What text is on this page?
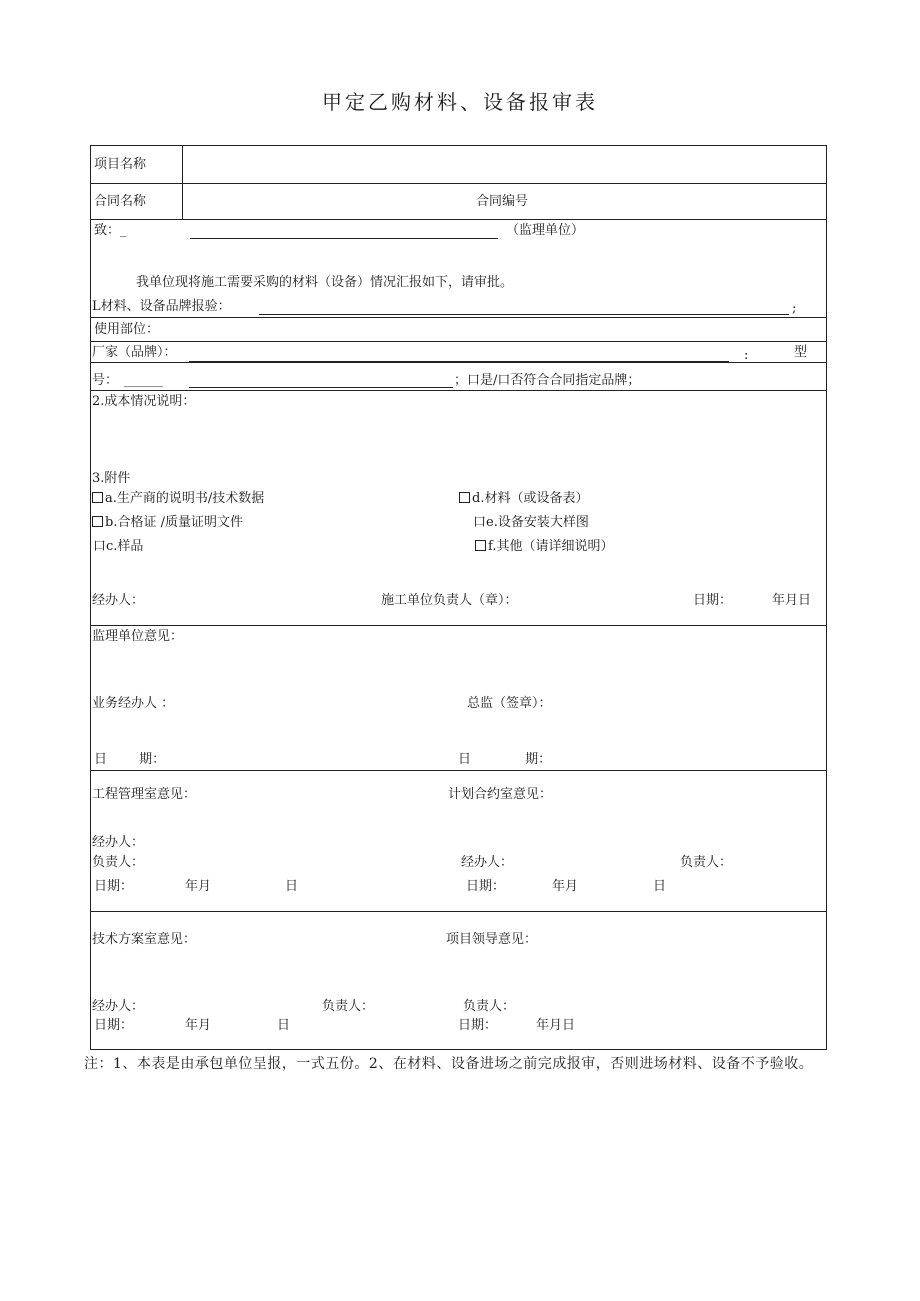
甲定乙购材料、设备报审表
项目名称
合同名称	合同编号
致：_	（监理单位）
我单位现将施工需要采购的材料（设备）情况汇报如下，请审批。
L材料、设备品牌报验：	;
使用部位：
厂家（品牌）：	:	型
号： ______	；口是/口否符合合同指定品牌；
2.成本情况说明：
3.附件
a.生产商的说明书/技术数据
b.合格证 /质量证明文件
口c.样品
d.材料（或设备表）
口e.设备安装大样图
f.其他（请详细说明）
经办人：	施工单位负责人（章）：	日期：	年月日
监理单位意见：
业务经办人 ：	总监（签章）：
日 期：	日 期：
工程管理室意见：	计划合约室意见：
经办人：
负责人：	经办人：	负责人：
日期：	年月	日	日期：	年月	日
技术方案室意见：	项目领导意见：
经办人：	负责人：	负责人：
日期：	年月	日	日期：	年月日
注：1、本表是由承包单位呈报，一式五份。2、在材料、设备进场之前完成报审，否则进场材料、设备不予验收。
